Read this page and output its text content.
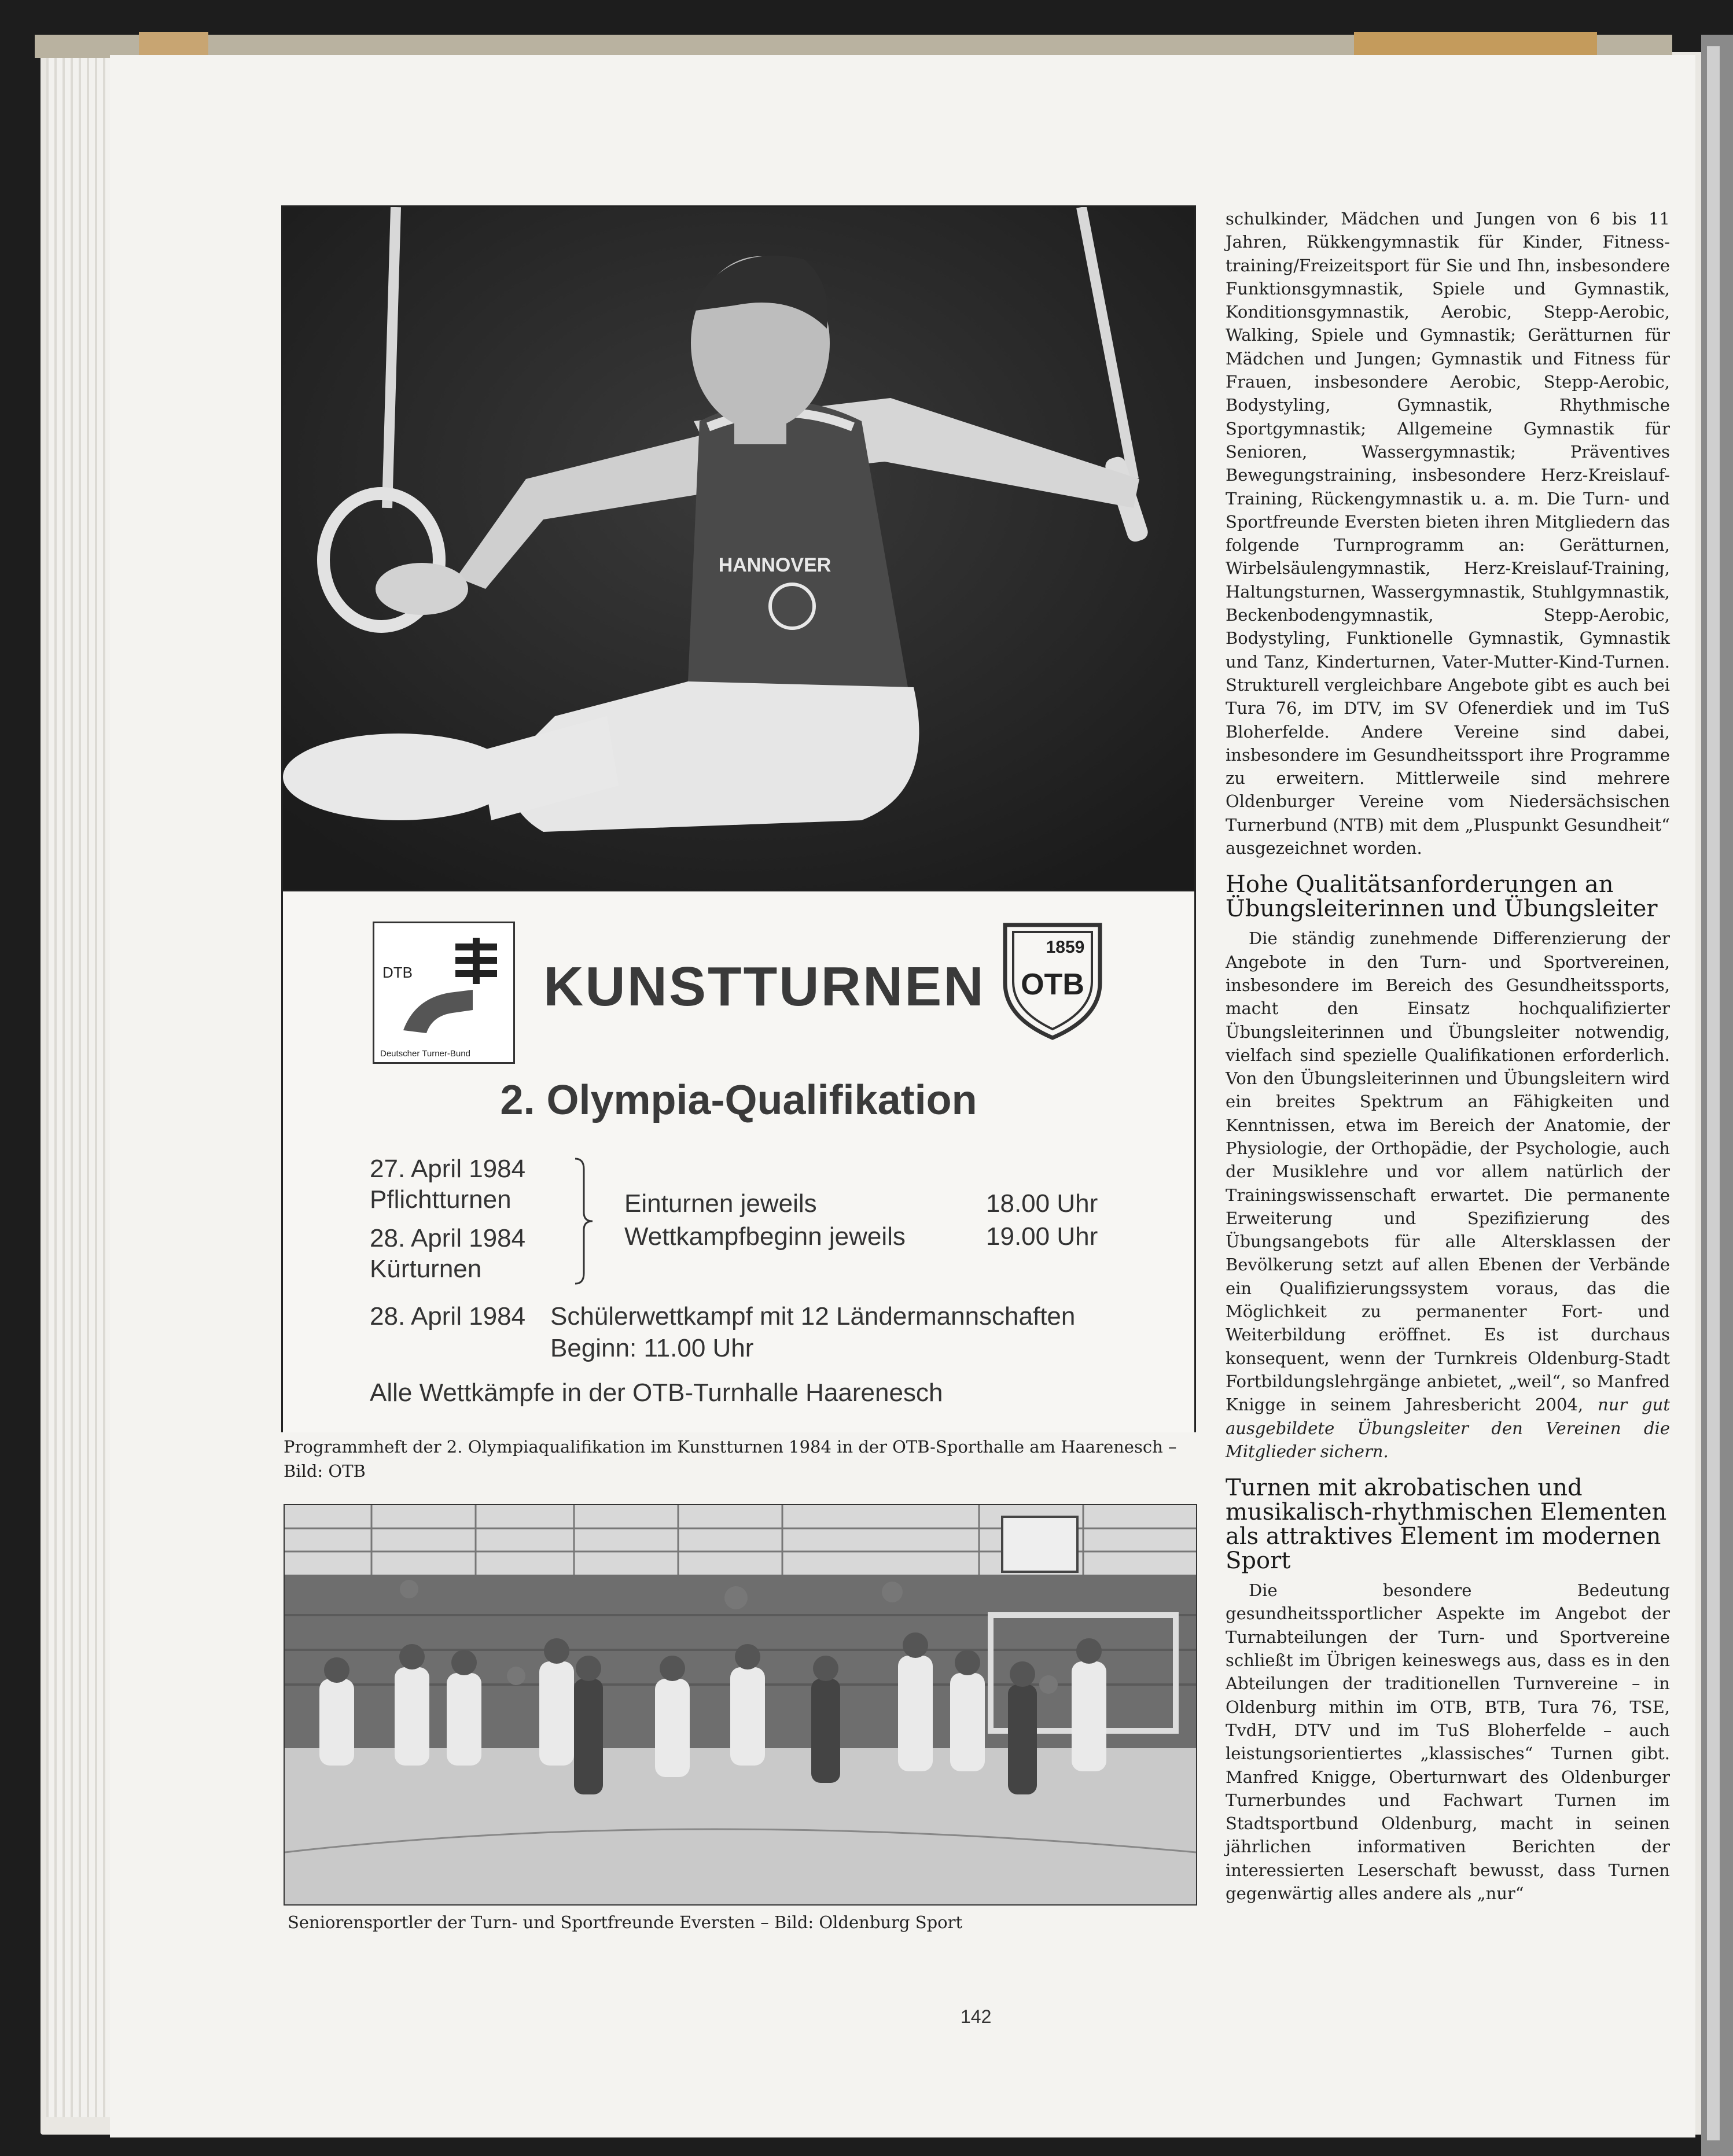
HANNOVER
DTB
Deutscher Turner-Bund
KUNSTTURNEN
1859
OTB
2. Olympia-Qualifikation
27. April 1984
Pflichtturnen
28. April 1984
Kürturnen
Einturnen jeweils	18.00 Uhr
Wettkampfbeginn jeweils	19.00 Uhr
28. April 1984 Schülerwettkampf mit 12 Ländermannschaften
Beginn: 11.00 Uhr
Alle Wettkämpfe in der OTB-Turnhalle Haarenesch
Programmheft der 2. Olympiaqualifikation im Kunstturnen 1984 in der OTB-Sporthalle am Haarenesch –
Bild: OTB
Seniorensportler der Turn- und Sportfreunde Eversten – Bild: Oldenburg Sport

schulkinder, Mädchen und Jungen von 6 bis 11 Jahren, Rükkengymnastik für Kinder, Fitness-training/Freizeitsport für Sie und Ihn, insbesondere Funktionsgymnastik, Spiele und Gymnastik, Konditionsgymnastik, Aerobic, Stepp-Aerobic, Walking, Spiele und Gymnastik; Gerätturnen für Mädchen und Jungen; Gymnastik und Fitness für Frauen, insbesondere Aerobic, Stepp-Aerobic, Bodystyling, Gymnastik, Rhythmische Sportgymnastik; Allgemeine Gymnastik für Senioren, Wassergymnastik; Präventives Bewegungstraining, insbesondere Herz-Kreislauf-Training, Rückengymnastik u. a. m. Die Turn- und Sportfreunde Eversten bieten ihren Mitgliedern das folgende Turnprogramm an: Gerätturnen, Wirbelsäulengymnastik, Herz-Kreislauf-Training, Haltungsturnen, Wassergymnastik, Stuhlgymnastik, Beckenbodengymnastik, Stepp-Aerobic, Bodystyling, Funktionelle Gymnastik, Gymnastik und Tanz, Kinderturnen, Vater-Mutter-Kind-Turnen. Strukturell vergleichbare Angebote gibt es auch bei Tura 76, im DTV, im SV Ofenerdiek und im TuS Bloherfelde. Andere Vereine sind dabei, insbesondere im Gesundheitssport ihre Programme zu erweitern. Mittlerweile sind mehrere Oldenburger Vereine vom Niedersächsischen Turnerbund (NTB) mit dem „Pluspunkt Gesundheit“ ausgezeichnet worden.

Hohe Qualitätsanforderungen an Übungsleiterinnen und Übungsleiter

Die ständig zunehmende Differenzierung der Angebote in den Turn- und Sportvereinen, insbesondere im Bereich des Gesundheitssports, macht den Einsatz hochqualifizierter Übungsleiterinnen und Übungsleiter notwendig, vielfach sind spezielle Qualifikationen erforderlich. Von den Übungsleiterinnen und Übungsleitern wird ein breites Spektrum an Fähigkeiten und Kenntnissen, etwa im Bereich der Anatomie, der Physiologie, der Orthopädie, der Psychologie, auch der Musiklehre und vor allem natürlich der Trainingswissenschaft erwartet. Die permanente Erweiterung und Spezifizierung des Übungsangebots für alle Altersklassen der Bevölkerung setzt auf allen Ebenen der Verbände ein Qualifizierungssystem voraus, das die Möglichkeit zu permanenter Fort- und Weiterbildung eröffnet. Es ist durchaus konsequent, wenn der Turnkreis Oldenburg-Stadt Fortbildungslehrgänge anbietet, „weil“, so Manfred Knigge in seinem Jahresbericht 2004, nur gut ausgebildete Übungsleiter den Vereinen die Mitglieder sichern.

Turnen mit akrobatischen und musikalisch-rhythmischen Elementen als attraktives Element im modernen Sport

Die besondere Bedeutung gesundheitssportlicher Aspekte im Angebot der Turnabteilungen der Turn- und Sportvereine schließt im Übrigen keineswegs aus, dass es in den Abteilungen der traditionellen Turnvereine – in Oldenburg mithin im OTB, BTB, Tura 76, TSE, TvdH, DTV und im TuS Bloherfelde – auch leistungsorientiertes „klassisches“ Turnen gibt. Manfred Knigge, Oberturnwart des Oldenburger Turnerbundes und Fachwart Turnen im Stadtsportbund Oldenburg, macht in seinen jährlichen informativen Berichten der interessierten Leserschaft bewusst, dass Turnen gegenwärtig alles andere als „nur“

142
